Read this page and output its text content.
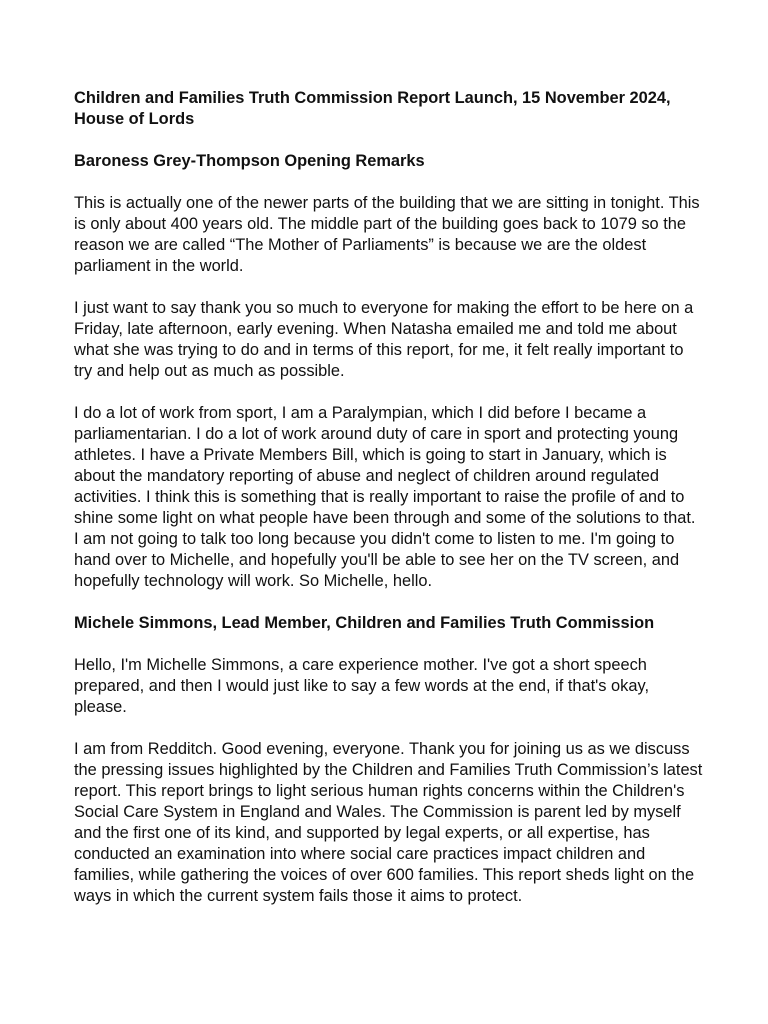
Children and Families Truth Commission Report Launch, 15 November 2024, House of Lords

Baroness Grey-Thompson Opening Remarks

This is actually one of the newer parts of the building that we are sitting in tonight. This is only about 400 years old. The middle part of the building goes back to 1079 so the reason we are called “The Mother of Parliaments” is because we are the oldest parliament in the world.

I just want to say thank you so much to everyone for making the effort to be here on a Friday, late afternoon, early evening. When Natasha emailed me and told me about what she was trying to do and in terms of this report, for me, it felt really important to try and help out as much as possible.

I do a lot of work from sport, I am a Paralympian, which I did before I became a parliamentarian. I do a lot of work around duty of care in sport and protecting young athletes. I have a Private Members Bill, which is going to start in January, which is about the mandatory reporting of abuse and neglect of children around regulated activities. I think this is something that is really important to raise the profile of and to shine some light on what people have been through and some of the solutions to that. I am not going to talk too long because you didn't come to listen to me. I'm going to hand over to Michelle, and hopefully you'll be able to see her on the TV screen, and hopefully technology will work. So Michelle, hello.

Michele Simmons, Lead Member, Children and Families Truth Commission

Hello, I'm Michelle Simmons, a care experience mother. I've got a short speech prepared, and then I would just like to say a few words at the end, if that's okay, please.

I am from Redditch. Good evening, everyone. Thank you for joining us as we discuss the pressing issues highlighted by the Children and Families Truth Commission’s latest report. This report brings to light serious human rights concerns within the Children's Social Care System in England and Wales. The Commission is parent led by myself and the first one of its kind, and supported by legal experts, or all expertise, has conducted an examination into where social care practices impact children and families, while gathering the voices of over 600 families. This report sheds light on the ways in which the current system fails those it aims to protect.
